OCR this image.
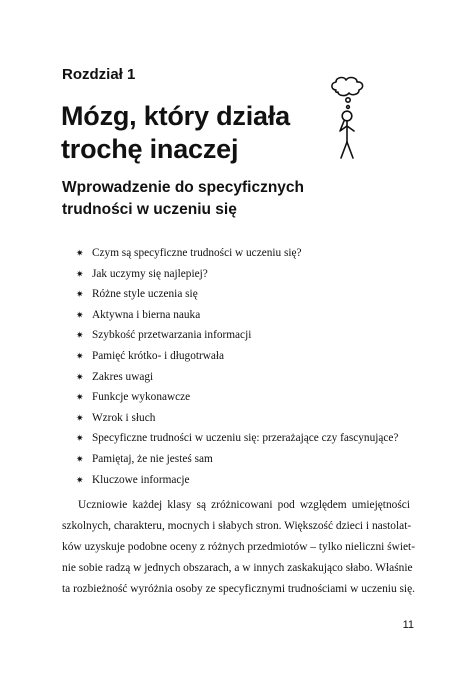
Rozdział 1
Mózg, który działa
trochę inaczej
Wprowadzenie do specyficznych
trudności w uczeniu się
✷ Czym są specyficzne trudności w uczeniu się?
✷ Jak uczymy się najlepiej?
✷ Różne style uczenia się
✷ Aktywna i bierna nauka
✷ Szybkość przetwarzania informacji
✷ Pamięć krótko- i długotrwała
✷ Zakres uwagi
✷ Funkcje wykonawcze
✷ Wzrok i słuch
✷ Specyficzne trudności w uczeniu się: przerażające czy fascynujące?
✷ Pamiętaj, że nie jesteś sam
✷ Kluczowe informacje
Uczniowie każdej klasy są zróżnicowani pod względem umiejętności
szkolnych, charakteru, mocnych i słabych stron. Większość dzieci i nastolat-
ków uzyskuje podobne oceny z różnych przedmiotów – tylko nieliczni świet-
nie sobie radzą w jednych obszarach, a w innych zaskakująco słabo. Właśnie
ta rozbieżność wyróżnia osoby ze specyficznymi trudnościami w uczeniu się.
11
